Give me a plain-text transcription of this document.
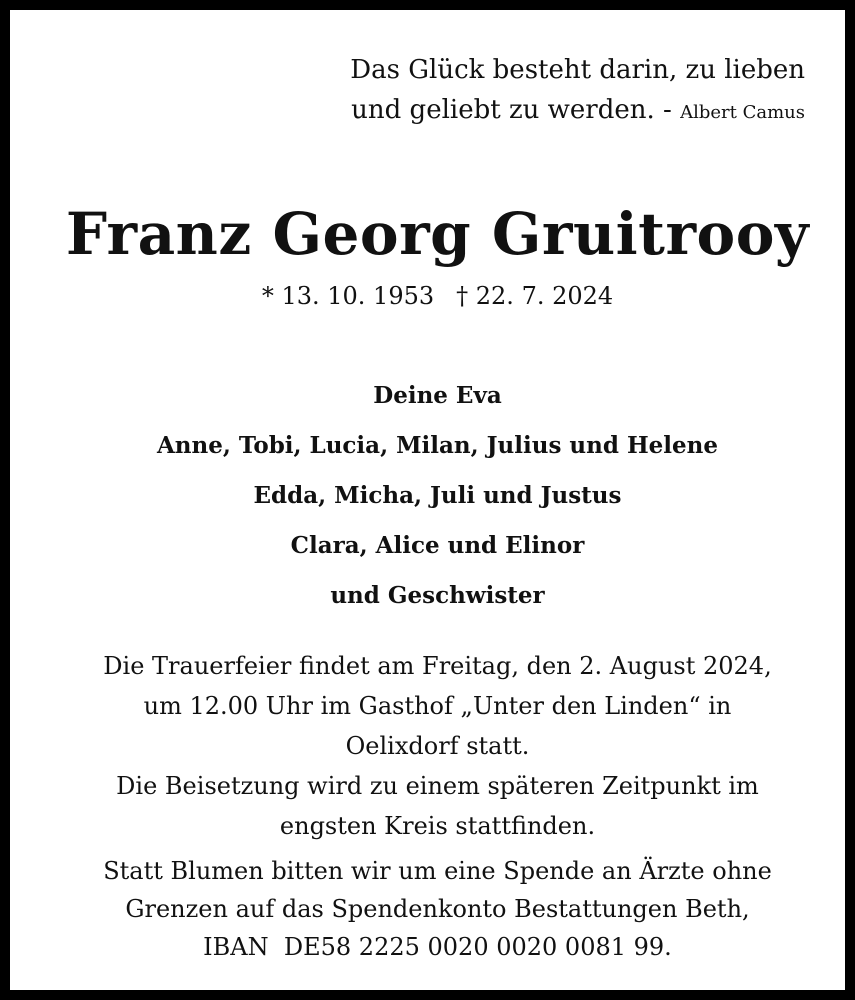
Das Glück besteht darin, zu lieben
und geliebt zu werden. - Albert Camus
Franz Georg Gruitrooy
* 13. 10. 1953 † 22. 7. 2024
Deine Eva
Anne, Tobi, Lucia, Milan, Julius und Helene
Edda, Micha, Juli und Justus
Clara, Alice und Elinor
und Geschwister
Die Trauerfeier findet am Freitag, den 2. August 2024,
um 12.00 Uhr im Gasthof „Unter den Linden“ in
Oelixdorf statt.
Die Beisetzung wird zu einem späteren Zeitpunkt im
engsten Kreis stattfinden.
Statt Blumen bitten wir um eine Spende an Ärzte ohne
Grenzen auf das Spendenkonto Bestattungen Beth,
IBAN  DE58 2225 0020 0020 0081 99.
